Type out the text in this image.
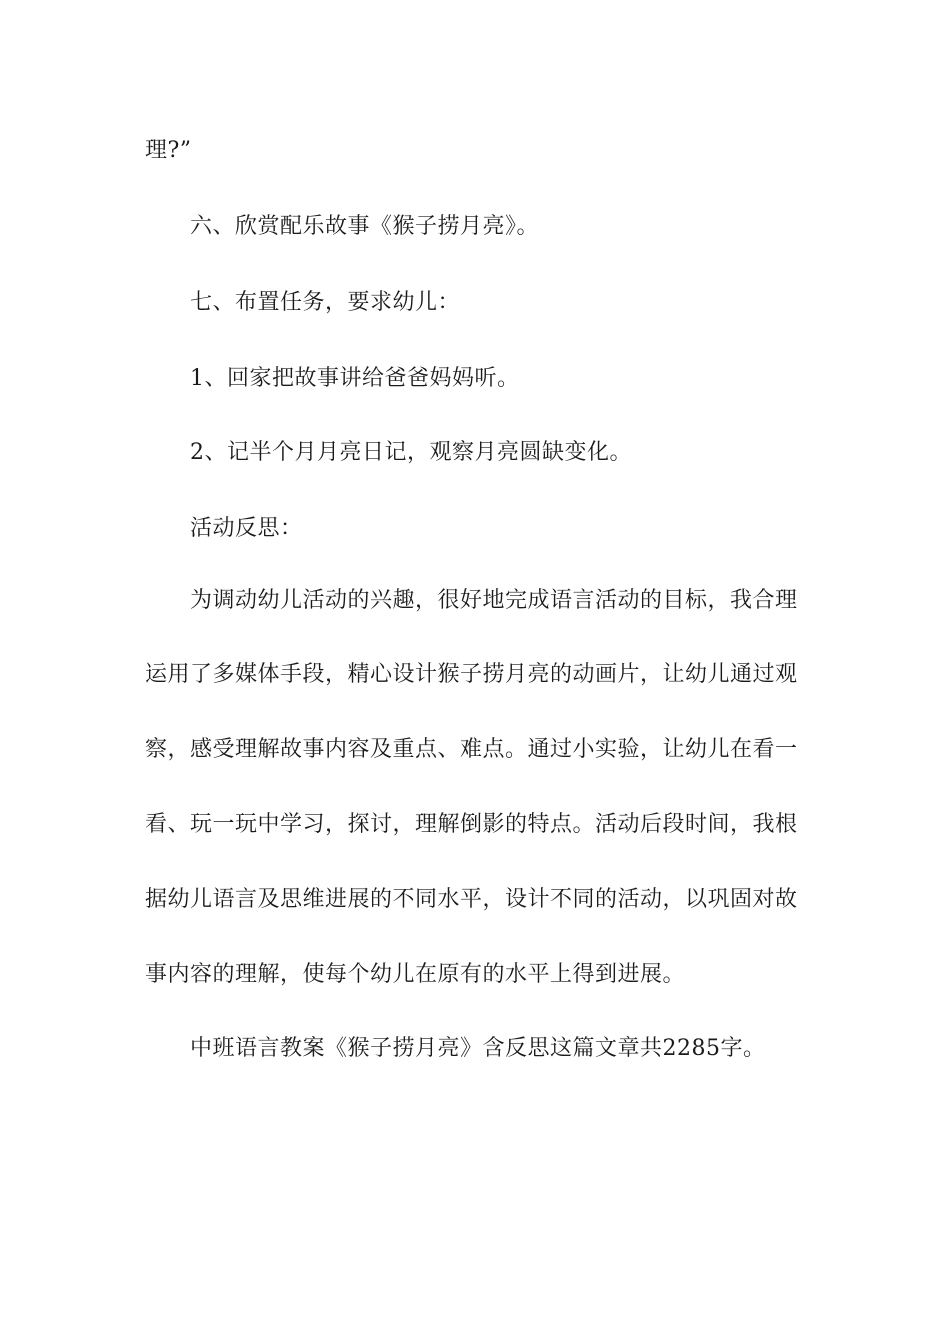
理?”
六、欣赏配乐故事《猴子捞月亮》。
七、布置任务，要求幼儿：
1、回家把故事讲给爸爸妈妈听。
2、记半个月月亮日记，观察月亮圆缺变化。
活动反思：
为调动幼儿活动的兴趣，很好地完成语言活动的目标，我合理
运用了多媒体手段，精心设计猴子捞月亮的动画片，让幼儿通过观
察，感受理解故事内容及重点、难点。通过小实验，让幼儿在看一
看、玩一玩中学习，探讨，理解倒影的特点。活动后段时间，我根
据幼儿语言及思维进展的不同水平，设计不同的活动，以巩固对故
事内容的理解，使每个幼儿在原有的水平上得到进展。
中班语言教案《猴子捞月亮》含反思这篇文章共2285字。
